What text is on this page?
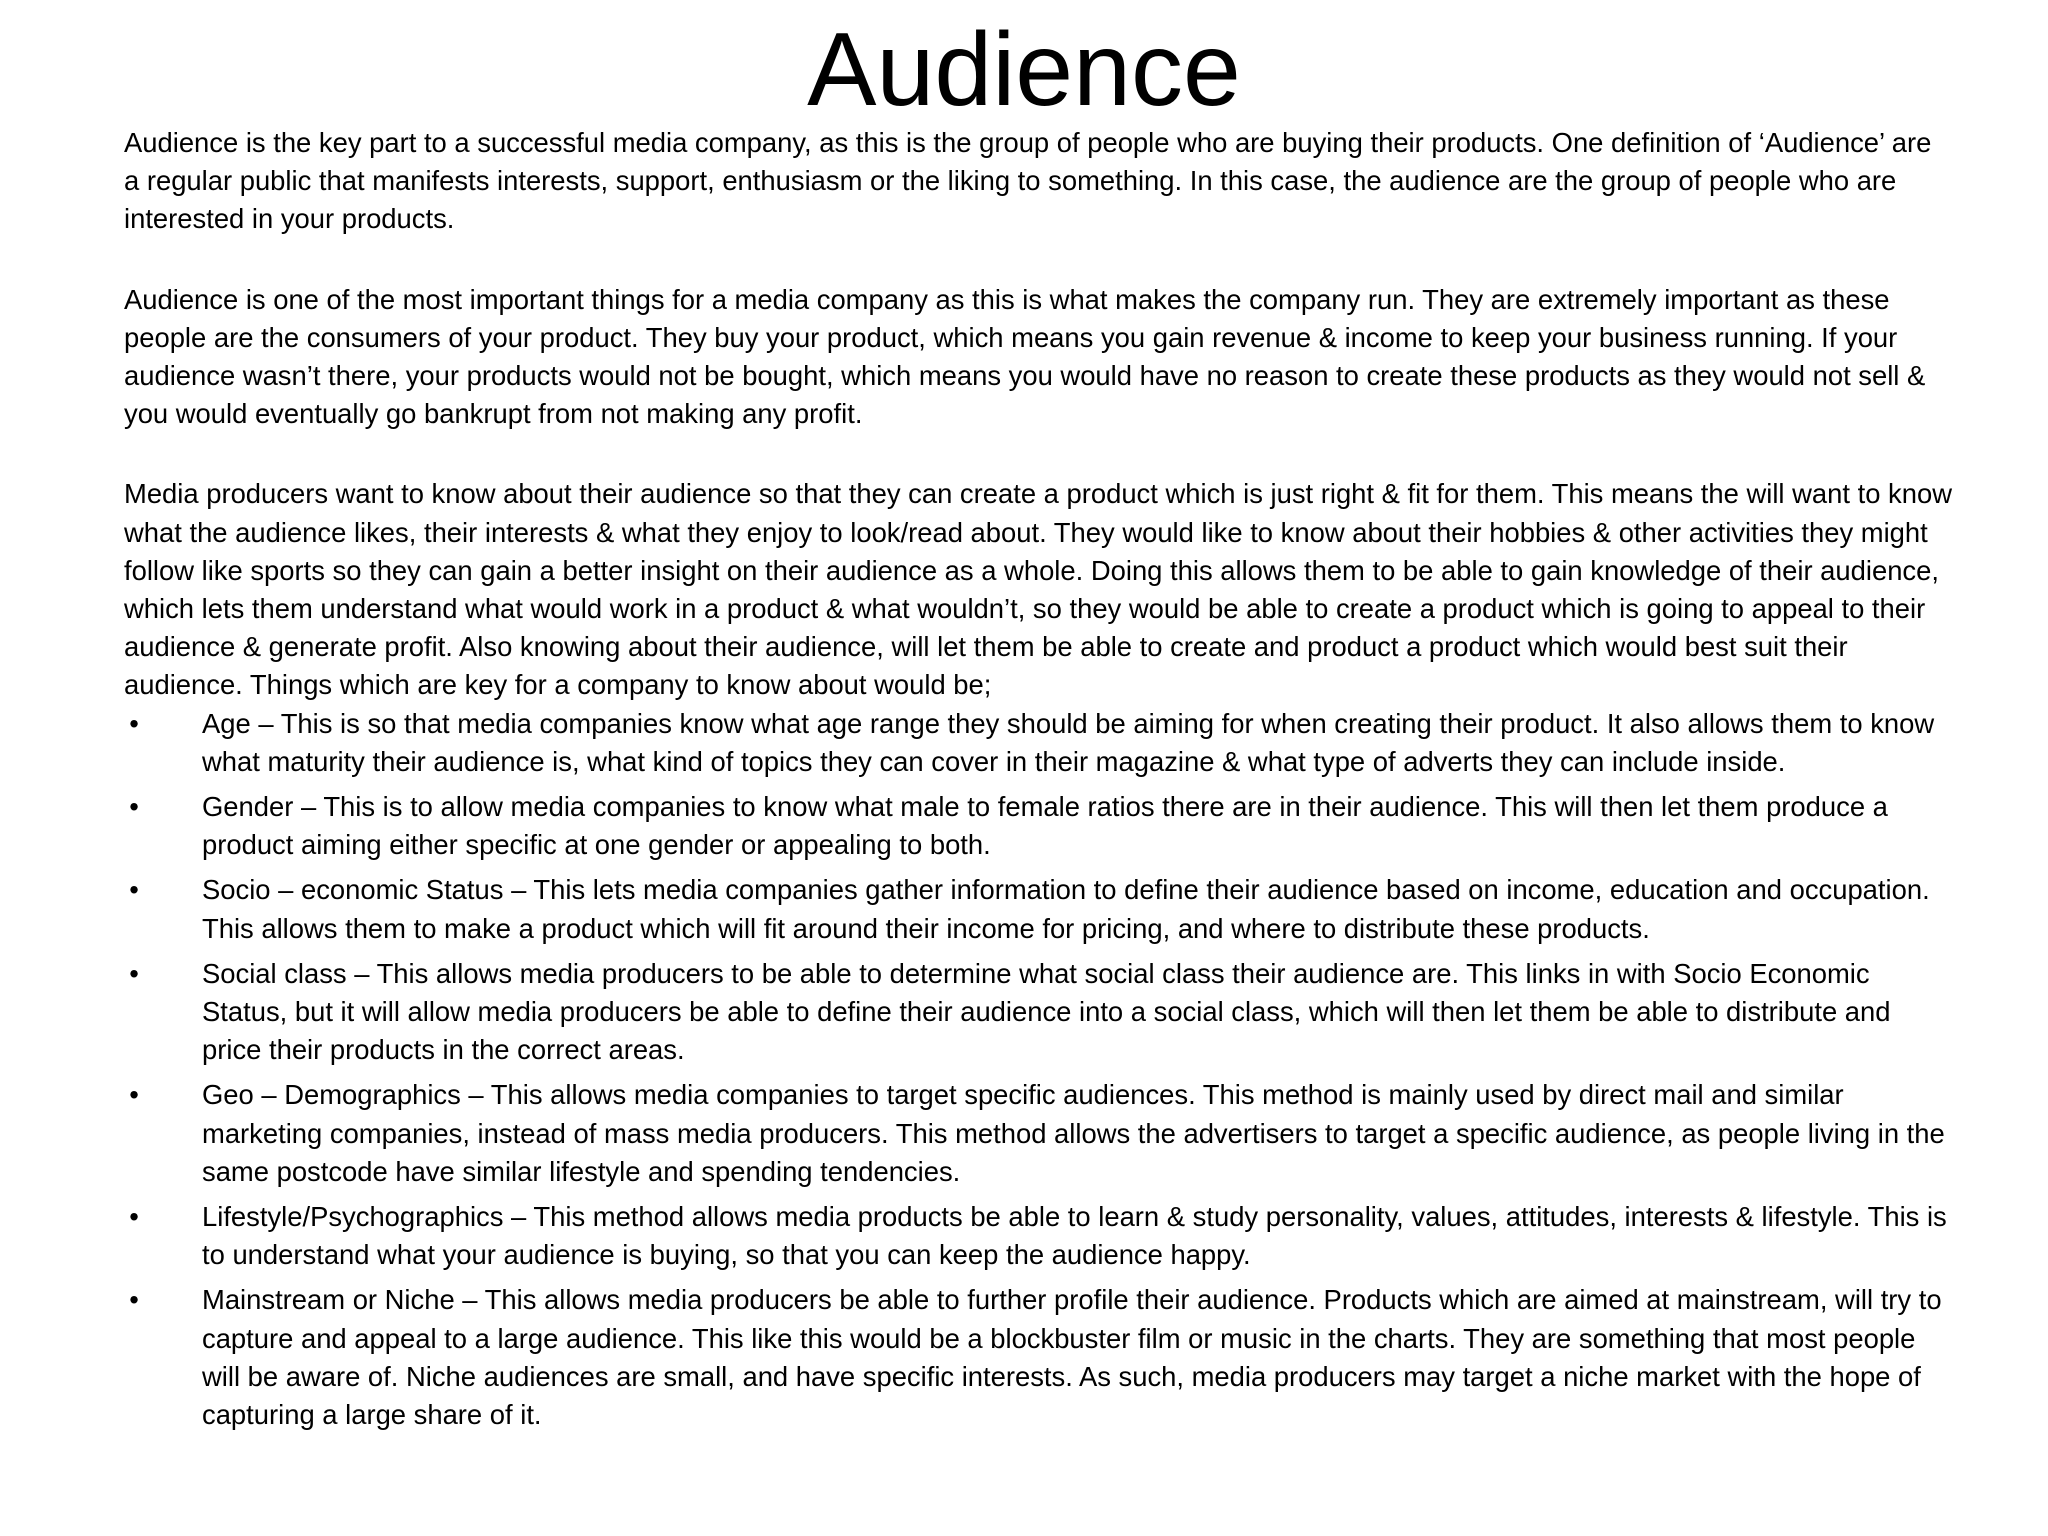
Audience

Audience is the key part to a successful media company, as this is the group of people who are buying their products. One definition of ‘Audience’ are a regular public that manifests interests, support, enthusiasm or the liking to something. In this case, the audience are the group of people who are interested in your products.

Audience is one of the most important things for a media company as this is what makes the company run. They are extremely important as these people are the consumers of your product. They buy your product, which means you gain revenue & income to keep your business running. If your audience wasn’t there, your products would not be bought, which means you would have no reason to create these products as they would not sell & you would eventually go bankrupt from not making any profit.

Media producers want to know about their audience so that they can create a product which is just right & fit for them. This means the will want to know what the audience likes, their interests & what they enjoy to look/read about. They would like to know about their hobbies & other activities they might follow like sports so they can gain a better insight on their audience as a whole. Doing this allows them to be able to gain knowledge of their audience, which lets them understand what would work in a product & what wouldn’t, so they would be able to create a product which is going to appeal to their audience & generate profit. Also knowing about their audience, will let them be able to create and product a product which would best suit their audience. Things which are key for a company to know about would be;

• Age – This is so that media companies know what age range they should be aiming for when creating their product. It also allows them to know what maturity their audience is, what kind of topics they can cover in their magazine & what type of adverts they can include inside.
• Gender – This is to allow media companies to know what male to female ratios there are in their audience. This will then let them produce a product aiming either specific at one gender or appealing to both.
• Socio – economic Status – This lets media companies gather information to define their audience based on income, education and occupation. This allows them to make a product which will fit around their income for pricing, and where to distribute these products.
• Social class – This allows media producers to be able to determine what social class their audience are. This links in with Socio Economic Status, but it will allow media producers be able to define their audience into a social class, which will then let them be able to distribute and price their products in the correct areas.
• Geo – Demographics – This allows media companies to target specific audiences. This method is mainly used by direct mail and similar marketing companies, instead of mass media producers. This method allows the advertisers to target a specific audience, as people living in the same postcode have similar lifestyle and spending tendencies.
• Lifestyle/Psychographics – This method allows media products be able to learn & study personality, values, attitudes, interests & lifestyle. This is to understand what your audience is buying, so that you can keep the audience happy.
• Mainstream or Niche – This allows media producers be able to further profile their audience. Products which are aimed at mainstream, will try to capture and appeal to a large audience. This like this would be a blockbuster film or music in the charts. They are something that most people will be aware of. Niche audiences are small, and have specific interests. As such, media producers may target a niche market with the hope of capturing a large share of it.
